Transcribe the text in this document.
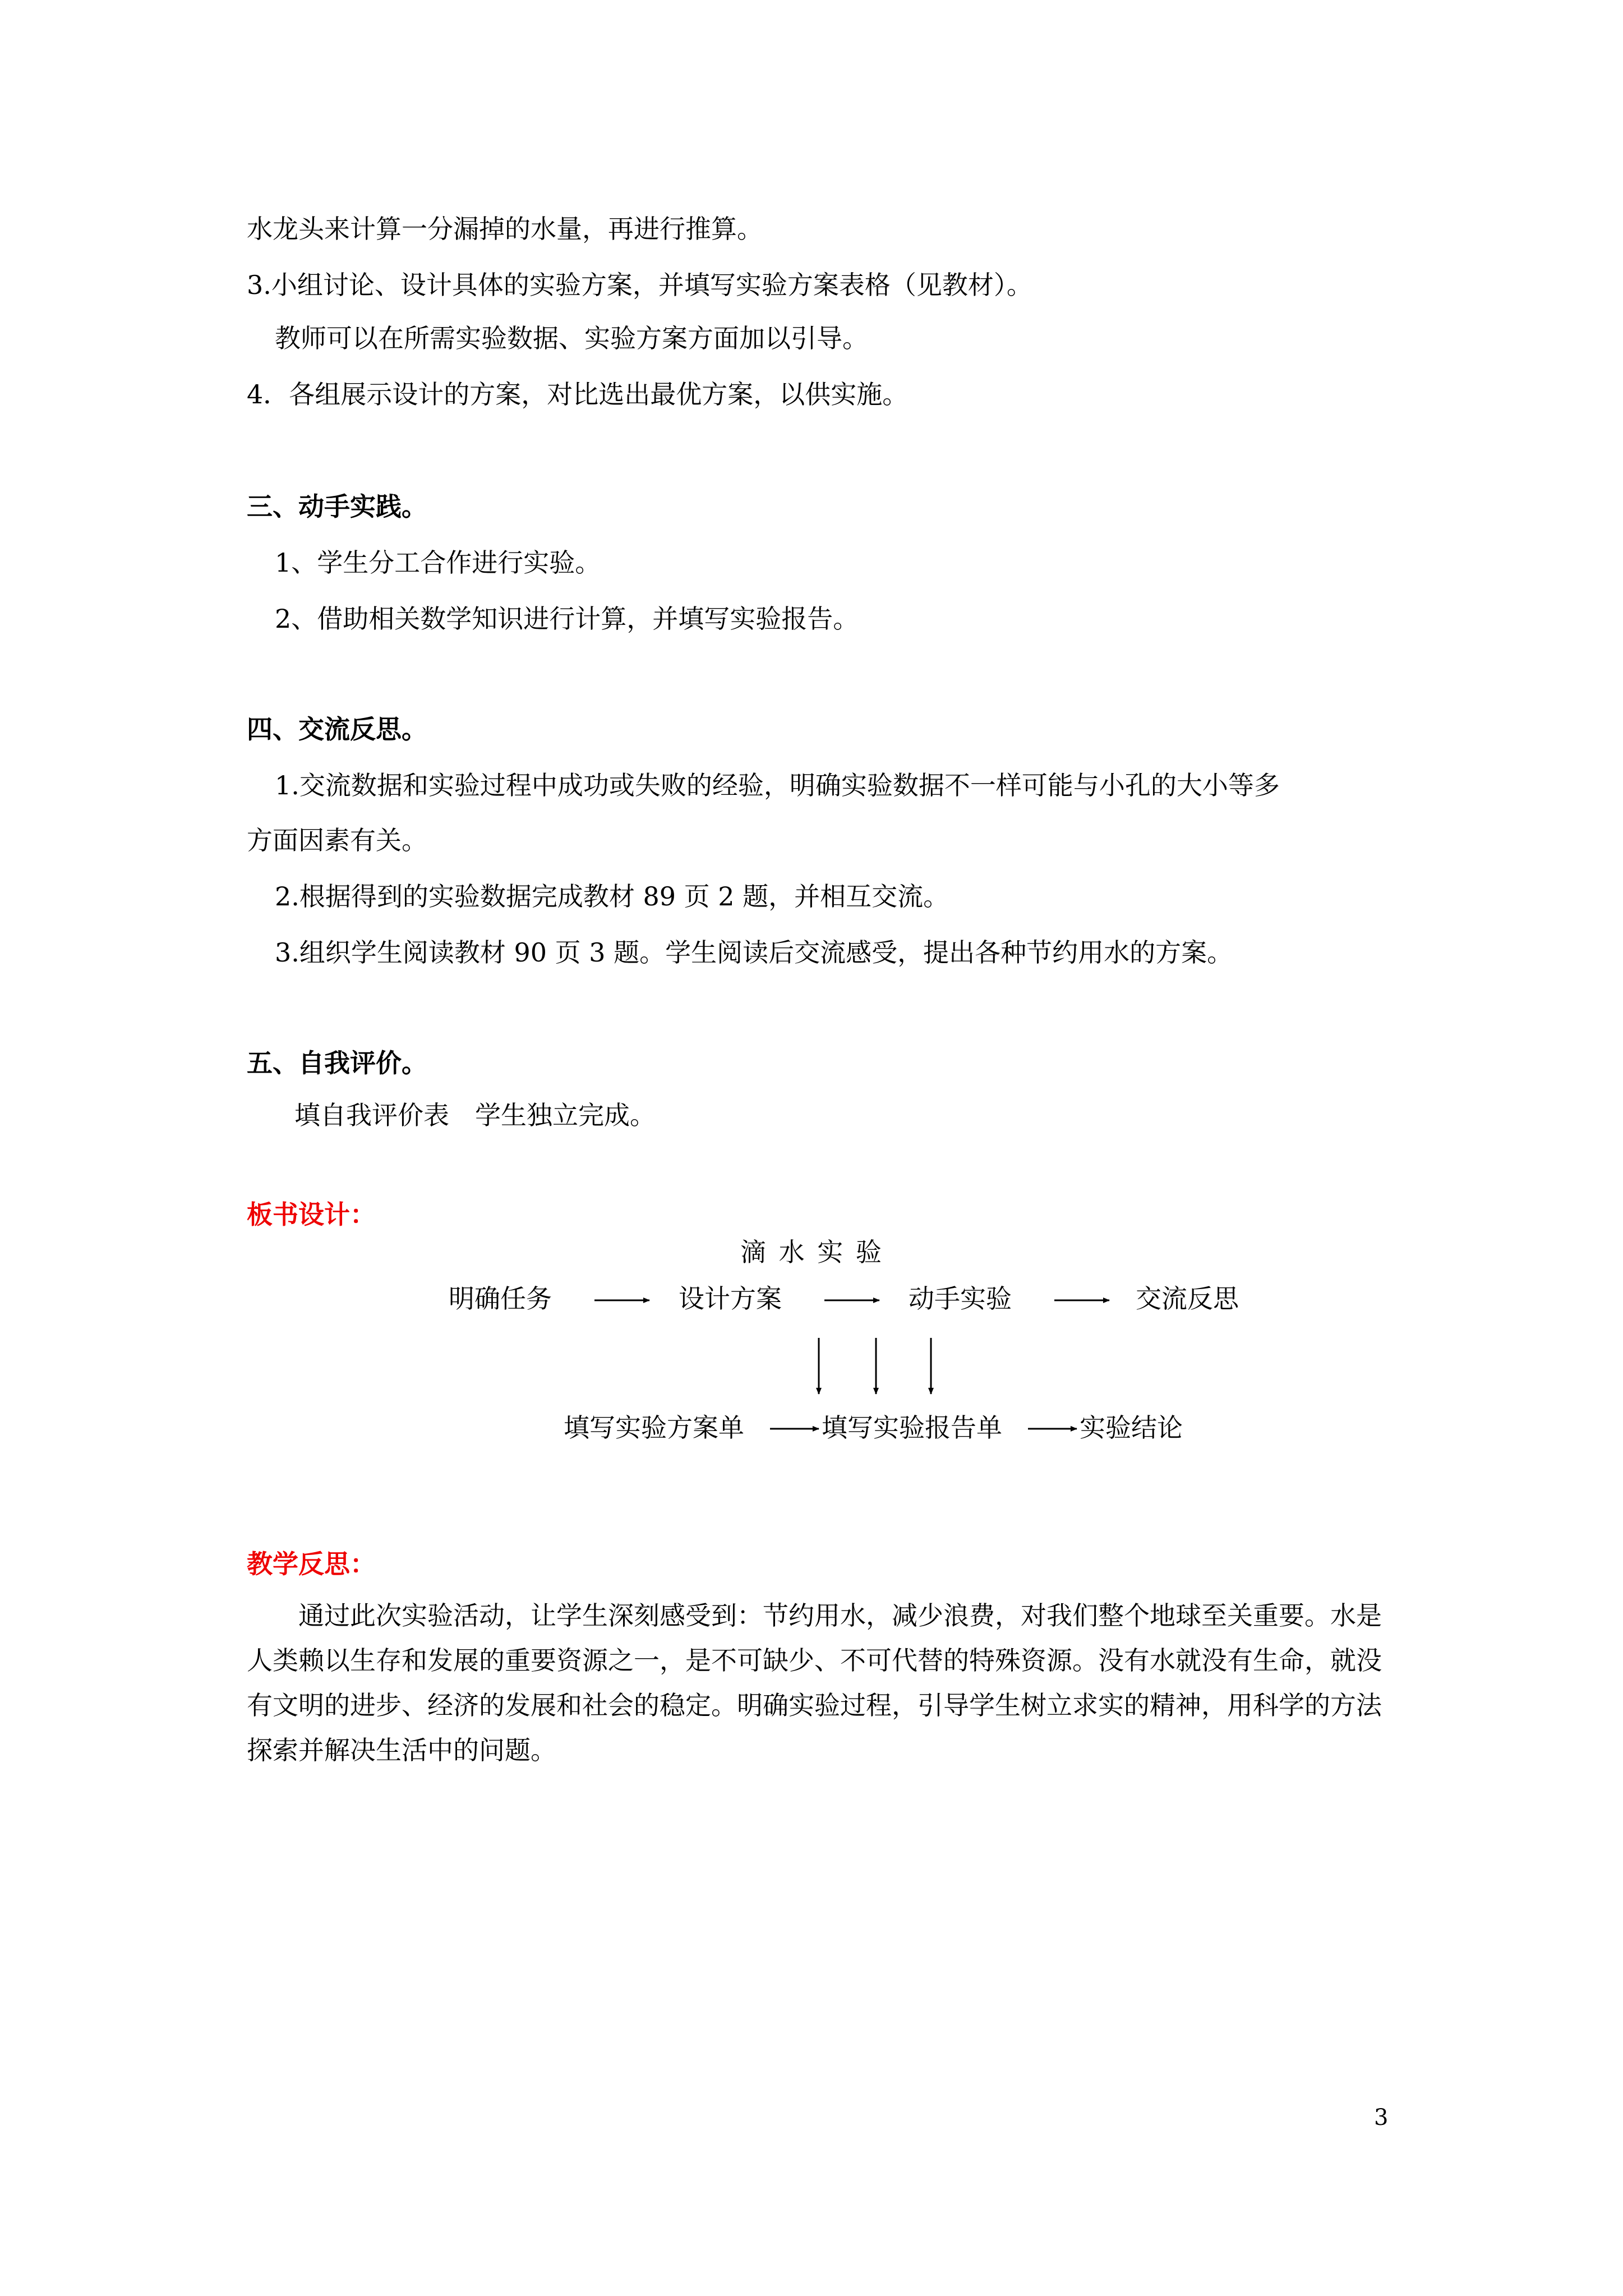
水龙头来计算一分漏掉的水量，再进行推算。
3.小组讨论、设计具体的实验方案，并填写实验方案表格（见教材）。
教师可以在所需实验数据、实验方案方面加以引导。
4．各组展示设计的方案，对比选出最优方案，以供实施。
三、动手实践。
1、学生分工合作进行实验。
2、借助相关数学知识进行计算，并填写实验报告。
四、交流反思。
1.交流数据和实验过程中成功或失败的经验，明确实验数据不一样可能与小孔的大小等多
方面因素有关。
2.根据得到的实验数据完成教材 89 页 2 题，并相互交流。
3.组织学生阅读教材 90 页 3 题。学生阅读后交流感受，提出各种节约用水的方案。
五、自我评价。
填自我评价表　学生独立完成。
板书设计：
滴 水 实 验
明确任务	设计方案	动手实验	交流反思
填写实验方案单	填写实验报告单	实验结论
教学反思：

通过此次实验活动，让学生深刻感受到：节约用水，减少浪费，对我们整个地球至关重要。水是人类赖以生存和发展的重要资源之一，是不可缺少、不可代替的特殊资源。没有水就没有生命，就没有文明的进步、经济的发展和社会的稳定。明确实验过程，引导学生树立求实的精神，用科学的方法探索并解决生活中的问题。

3
